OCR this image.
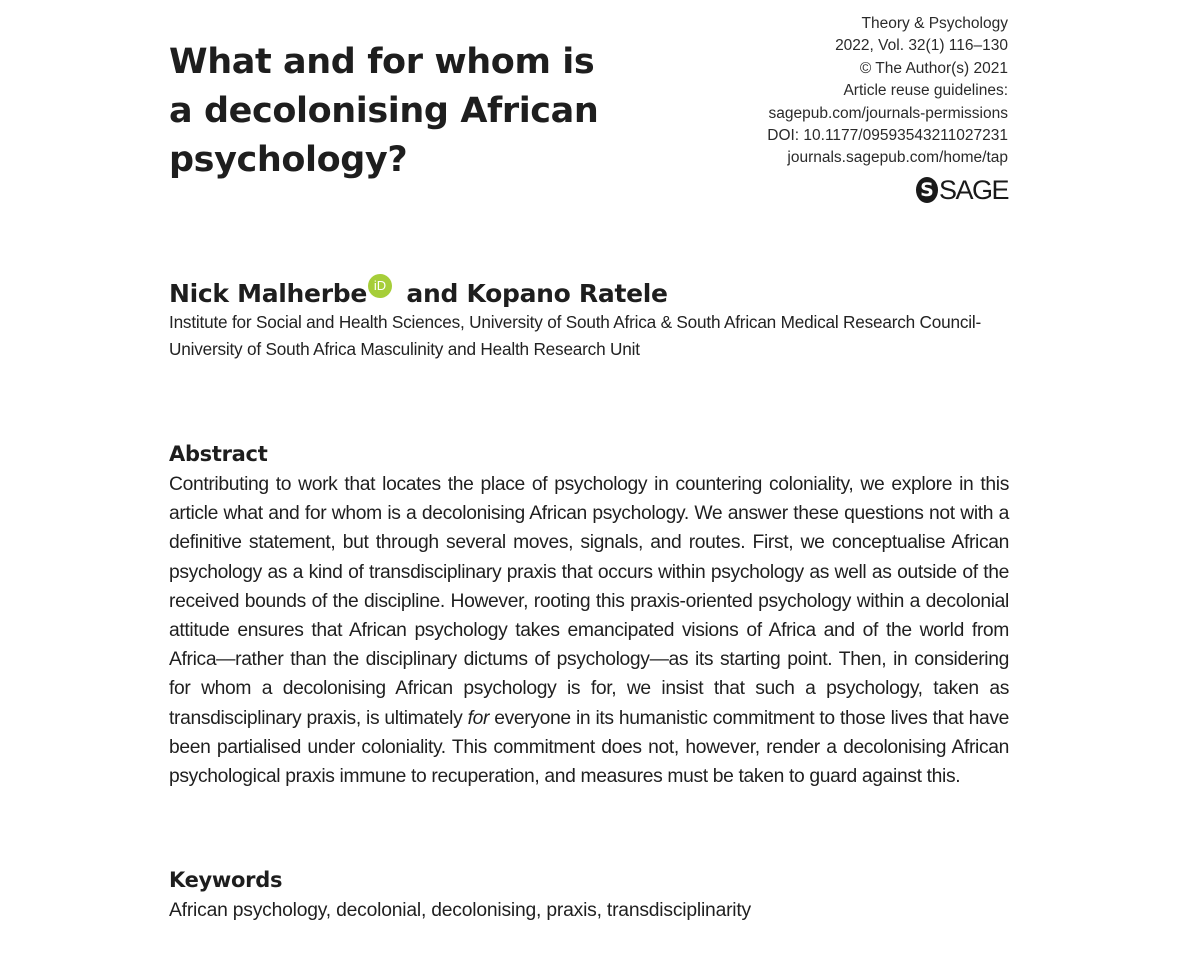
What and for whom is a decolonising African psychology?
Theory & Psychology
2022, Vol. 32(1) 116–130
© The Author(s) 2021
Article reuse guidelines:
sagepub.com/journals-permissions
DOI: 10.1177/09593543211027231
journals.sagepub.com/home/tap
S SAGE
Nick Malherbe iD and Kopano Ratele
Institute for Social and Health Sciences, University of South Africa & South African Medical Research Council-University of South Africa Masculinity and Health Research Unit
Abstract

Contributing to work that locates the place of psychology in countering coloniality, we explore in this article what and for whom is a decolonising African psychology. We answer these questions not with a definitive statement, but through several moves, signals, and routes. First, we conceptualise African psychology as a kind of transdisciplinary praxis that occurs within psychology as well as outside of the received bounds of the discipline. However, rooting this praxis-oriented psychology within a decolonial attitude ensures that African psychology takes emancipated visions of Africa and of the world from Africa—rather than the disciplinary dictums of psychology—as its starting point. Then, in considering for whom a decolonising African psychology is for, we insist that such a psychology, taken as transdisciplinary praxis, is ultimately for everyone in its humanistic commitment to those lives that have been partialised under coloniality. This commitment does not, however, render a decolonising African psychological praxis immune to recuperation, and measures must be taken to guard against this.

Keywords
African psychology, decolonial, decolonising, praxis, transdisciplinarity
